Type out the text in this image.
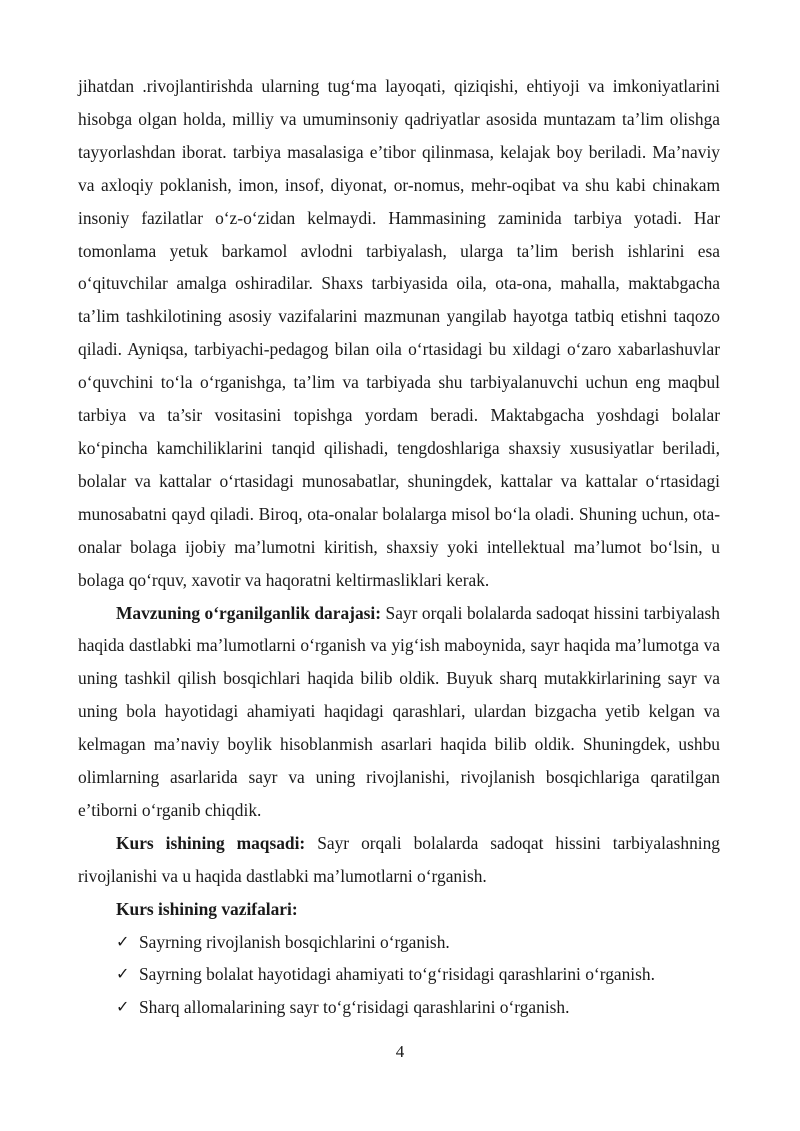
jihatdan .rivojlantirishda ularning tug‘ma layoqati, qiziqishi, ehtiyoji va imkoniyatlarini hisobga olgan holda, milliy va umuminsoniy qadriyatlar asosida muntazam ta’lim olishga tayyorlashdan iborat. tarbiya masalasiga e’tibor qilinmasa, kelajak boy beriladi. Ma’naviy va axloqiy poklanish, imon, insof, diyonat, or-nomus, mehr-oqibat va shu kabi chinakam insoniy fazilatlar o‘z-o‘zidan kelmaydi. Hammasining zaminida tarbiya yotadi. Har tomonlama yetuk barkamol avlodni tarbiyalash, ularga ta’lim berish ishlarini esa o‘qituvchilar amalga oshiradilar. Shaxs tarbiyasida oila, ota-ona, mahalla, maktabgacha ta’lim tashkilotining asosiy vazifalarini mazmunan yangilab hayotga tatbiq etishni taqozo qiladi. Ayniqsa, tarbiyachi-pedagog bilan oila o‘rtasidagi bu xildagi o‘zaro xabarlashuvlar o‘quvchini to‘la o‘rganishga, ta’lim va tarbiyada shu tarbiyalanuvchi uchun eng maqbul tarbiya va ta’sir vositasini topishga yordam beradi. Maktabgacha yoshdagi bolalar ko‘pincha kamchiliklarini tanqid qilishadi, tengdoshlariga shaxsiy xususiyatlar beriladi, bolalar va kattalar o‘rtasidagi munosabatlar, shuningdek, kattalar va kattalar o‘rtasidagi munosabatni qayd qiladi. Biroq, ota-onalar bolalarga misol bo‘la oladi. Shuning uchun, ota-onalar bolaga ijobiy ma’lumotni kiritish, shaxsiy yoki intellektual ma’lumot bo‘lsin, u bolaga qo‘rquv, xavotir va haqoratni keltirmasliklari kerak.

Mavzuning o‘rganilganlik darajasi: Sayr orqali bolalarda sadoqat hissini tarbiyalash haqida dastlabki ma’lumotlarni o‘rganish va yig‘ish maboynida, sayr haqida ma’lumotga va uning tashkil qilish bosqichlari haqida bilib oldik. Buyuk sharq mutakkirlarining sayr va uning bola hayotidagi ahamiyati haqidagi qarashlari, ulardan bizgacha yetib kelgan va kelmagan ma’naviy boylik hisoblanmish asarlari haqida bilib oldik. Shuningdek, ushbu olimlarning asarlarida sayr va uning rivojlanishi, rivojlanish bosqichlariga qaratilgan e’tiborni o‘rganib chiqdik.

Kurs ishining maqsadi: Sayr orqali bolalarda sadoqat hissini tarbiyalashning rivojlanishi va u haqida dastlabki ma’lumotlarni o‘rganish.

Kurs ishining vazifalari:

✓ Sayrning rivojlanish bosqichlarini o‘rganish.
✓ Sayrning bolalat hayotidagi ahamiyati to‘g‘risidagi qarashlarini o‘rganish.
✓ Sharq allomalarining sayr to‘g‘risidagi qarashlarini o‘rganish.
4
